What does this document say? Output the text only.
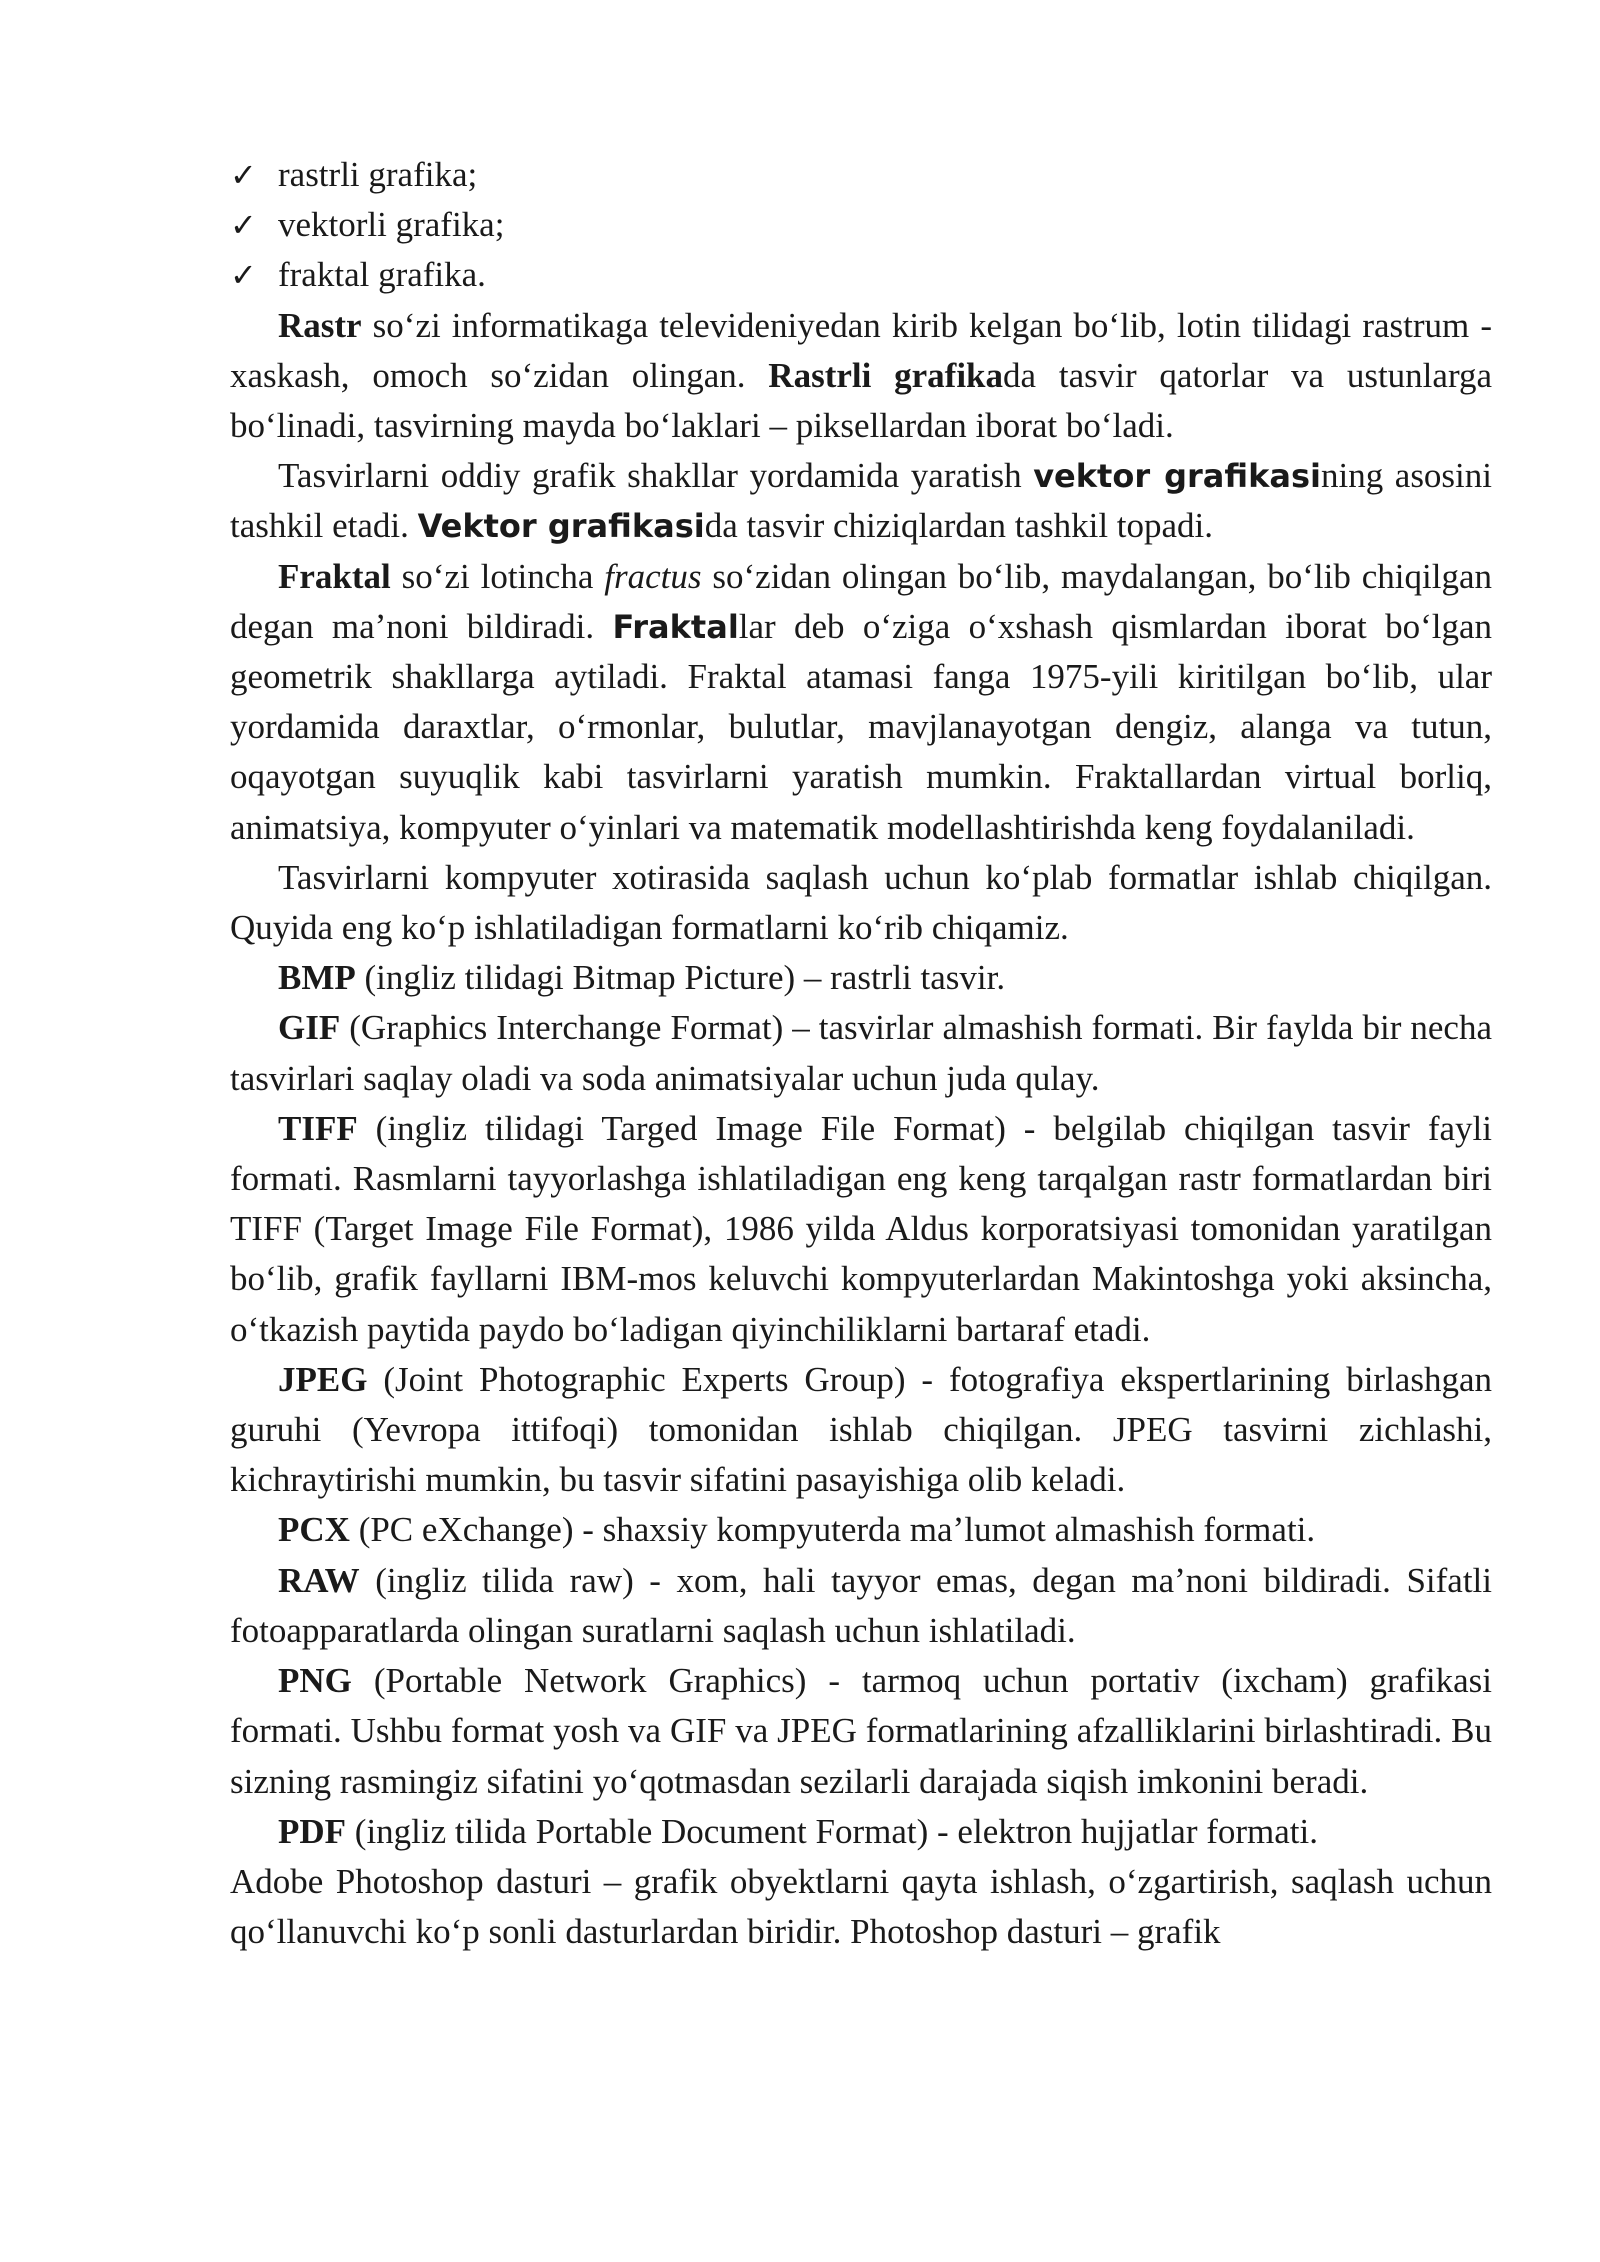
✓ rastrli grafika;
✓ vektorli grafika;
✓ fraktal grafika.

Rastr soʻzi informatikaga televideniyedan kirib kelgan boʻlib, lotin tilidagi rastrum - xaskash, omoch soʻzidan olingan. Rastrli grafikada tasvir qatorlar va ustunlarga boʻlinadi, tasvirning mayda boʻlaklari – piksellardan iborat boʻladi.

Tasvirlarni oddiy grafik shakllar yordamida yaratish vektor grafikasining asosini tashkil etadi. Vektor grafikasida tasvir chiziqlardan tashkil topadi.

Fraktal soʻzi lotincha fractus soʻzidan olingan boʻlib, maydalangan, boʻlib chiqilgan degan maʼnoni bildiradi. Fraktallar deb oʻziga oʻxshash qismlardan iborat boʻlgan geometrik shakllarga aytiladi. Fraktal atamasi fanga 1975-yili kiritilgan boʻlib, ular yordamida daraxtlar, oʻrmonlar, bulutlar, mavjlanayotgan dengiz, alanga va tutun, oqayotgan suyuqlik kabi tasvirlarni yaratish mumkin. Fraktallardan virtual borliq, animatsiya, kompyuter oʻyinlari va matematik modellashtirishda keng foydalaniladi.

Tasvirlarni kompyuter xotirasida saqlash uchun koʻplab formatlar ishlab chiqilgan. Quyida eng koʻp ishlatiladigan formatlarni koʻrib chiqamiz.

BMP (ingliz tilidagi Bitmap Picture) – rastrli tasvir.

GIF (Graphics Interchange Format) – tasvirlar almashish formati. Bir faylda bir necha tasvirlari saqlay oladi va soda animatsiyalar uchun juda qulay.

TIFF (ingliz tilidagi Targed Image File Format) - belgilab chiqilgan tasvir fayli formati. Rasmlarni tayyorlashga ishlatiladigan eng keng tarqalgan rastr formatlardan biri TIFF (Target Image File Format), 1986 yilda Aldus korporatsiyasi tomonidan yaratilgan boʻlib, grafik fayllarni IBM-mos keluvchi kompyuterlardan Makintoshga yoki aksincha, oʻtkazish paytida paydo boʻladigan qiyinchiliklarni bartaraf etadi.

JPEG (Joint Photographic Experts Group) - fotografiya ekspertlarining birlashgan guruhi (Yevropa ittifoqi) tomonidan ishlab chiqilgan. JPEG tasvirni zichlashi, kichraytirishi mumkin, bu tasvir sifatini pasayishiga olib keladi.

PCX (PC eXchange) - shaxsiy kompyuterda maʼlumot almashish formati.

RAW (ingliz tilida raw) - xom, hali tayyor emas, degan maʼnoni bildiradi. Sifatli fotoapparatlarda olingan suratlarni saqlash uchun ishlatiladi.

PNG (Portable Network Graphics) - tarmoq uchun portativ (ixcham) grafikasi formati. Ushbu format yosh va GIF va JPEG formatlarining afzalliklarini birlashtiradi. Bu sizning rasmingiz sifatini yoʻqotmasdan sezilarli darajada siqish imkonini beradi.

PDF (ingliz tilida Portable Document Format) - elektron hujjatlar formati.

Adobe Photoshop dasturi – grafik obyektlarni qayta ishlash, oʻzgartirish, saqlash uchun qoʻllanuvchi koʻp sonli dasturlardan biridir. Photoshop dasturi – grafik
